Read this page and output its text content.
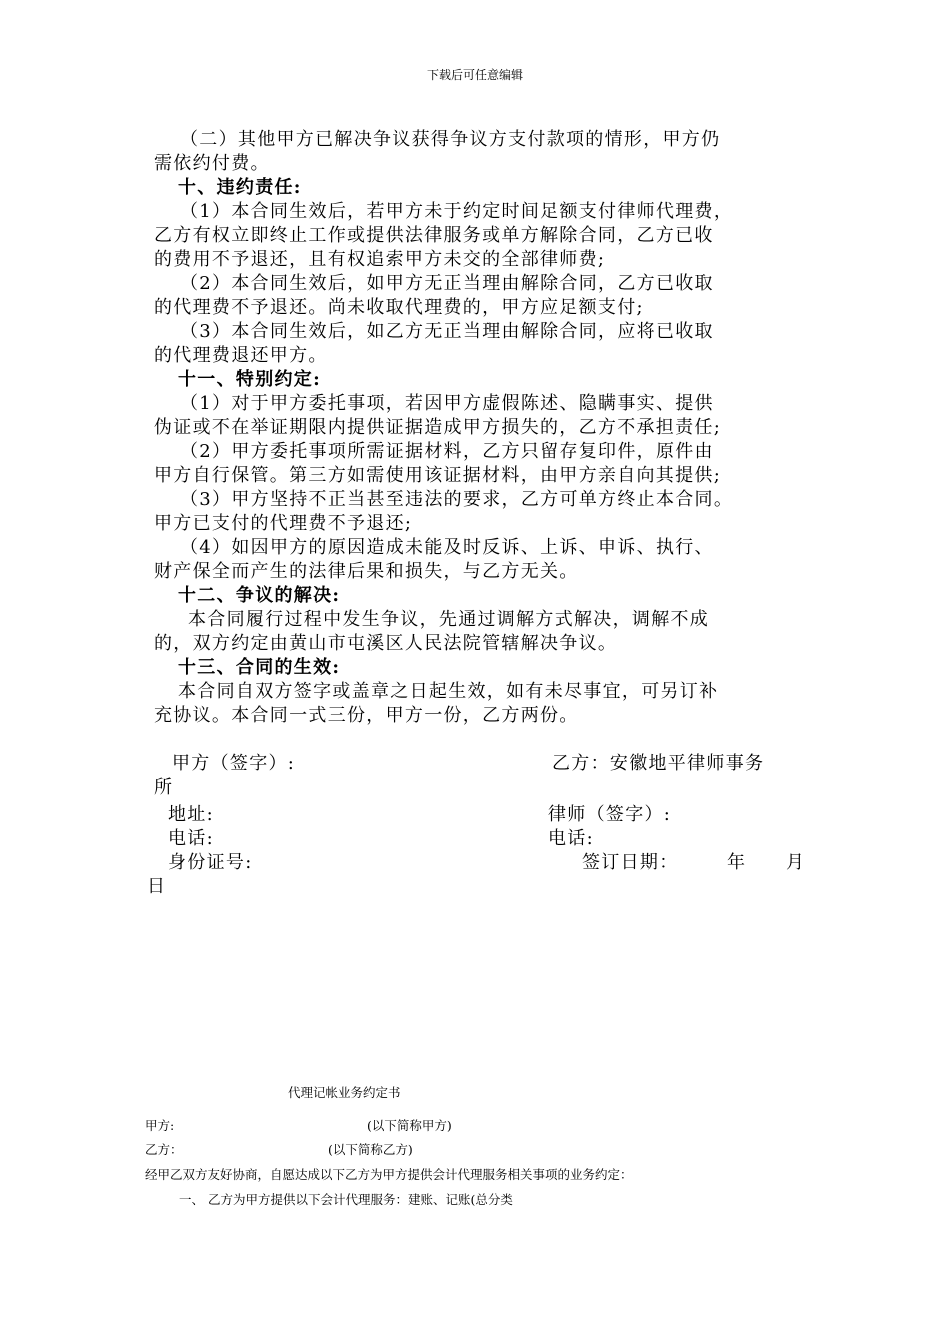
下载后可任意编辑
（二）其他甲方已解决争议获得争议方支付款项的情形，甲方仍
需依约付费。
十、违约责任:
（1）本合同生效后，若甲方未于约定时间足额支付律师代理费，
乙方有权立即终止工作或提供法律服务或单方解除合同，乙方已收
的费用不予退还，且有权追索甲方未交的全部律师费;
（2）本合同生效后，如甲方无正当理由解除合同，乙方已收取
的代理费不予退还。尚未收取代理费的，甲方应足额支付;
（3）本合同生效后，如乙方无正当理由解除合同，应将已收取
的代理费退还甲方。
十一、特别约定:
（1）对于甲方委托事项，若因甲方虚假陈述、隐瞒事实、提供
伪证或不在举证期限内提供证据造成甲方损失的，乙方不承担责任;
（2）甲方委托事项所需证据材料，乙方只留存复印件，原件由
甲方自行保管。第三方如需使用该证据材料，由甲方亲自向其提供;
（3）甲方坚持不正当甚至违法的要求，乙方可单方终止本合同。
甲方已支付的代理费不予退还;
（4）如因甲方的原因造成未能及时反诉、上诉、申诉、执行、
财产保全而产生的法律后果和损失，与乙方无关。
十二、争议的解决:
本合同履行过程中发生争议，先通过调解方式解决，调解不成
的，双方约定由黄山市屯溪区人民法院管辖解决争议。
十三、合同的生效:
本合同自双方签字或盖章之日起生效，如有未尽事宜，可另订补
充协议。本合同一式三份，甲方一份，乙方两份。
甲方（签字）:	乙方：安徽地平律师事务
所
地址:	律师（签字）:
电话:	电话:
身份证号:	签订日期：	年 月
日
代理记帐业务约定书
甲方:	(以下简称甲方)
乙方：	(以下简称乙方)
经甲乙双方友好协商，自愿达成以下乙方为甲方提供会计代理服务相关事项的业务约定：
一、 乙方为甲方提供以下会计代理服务：建账、记账(总分类
